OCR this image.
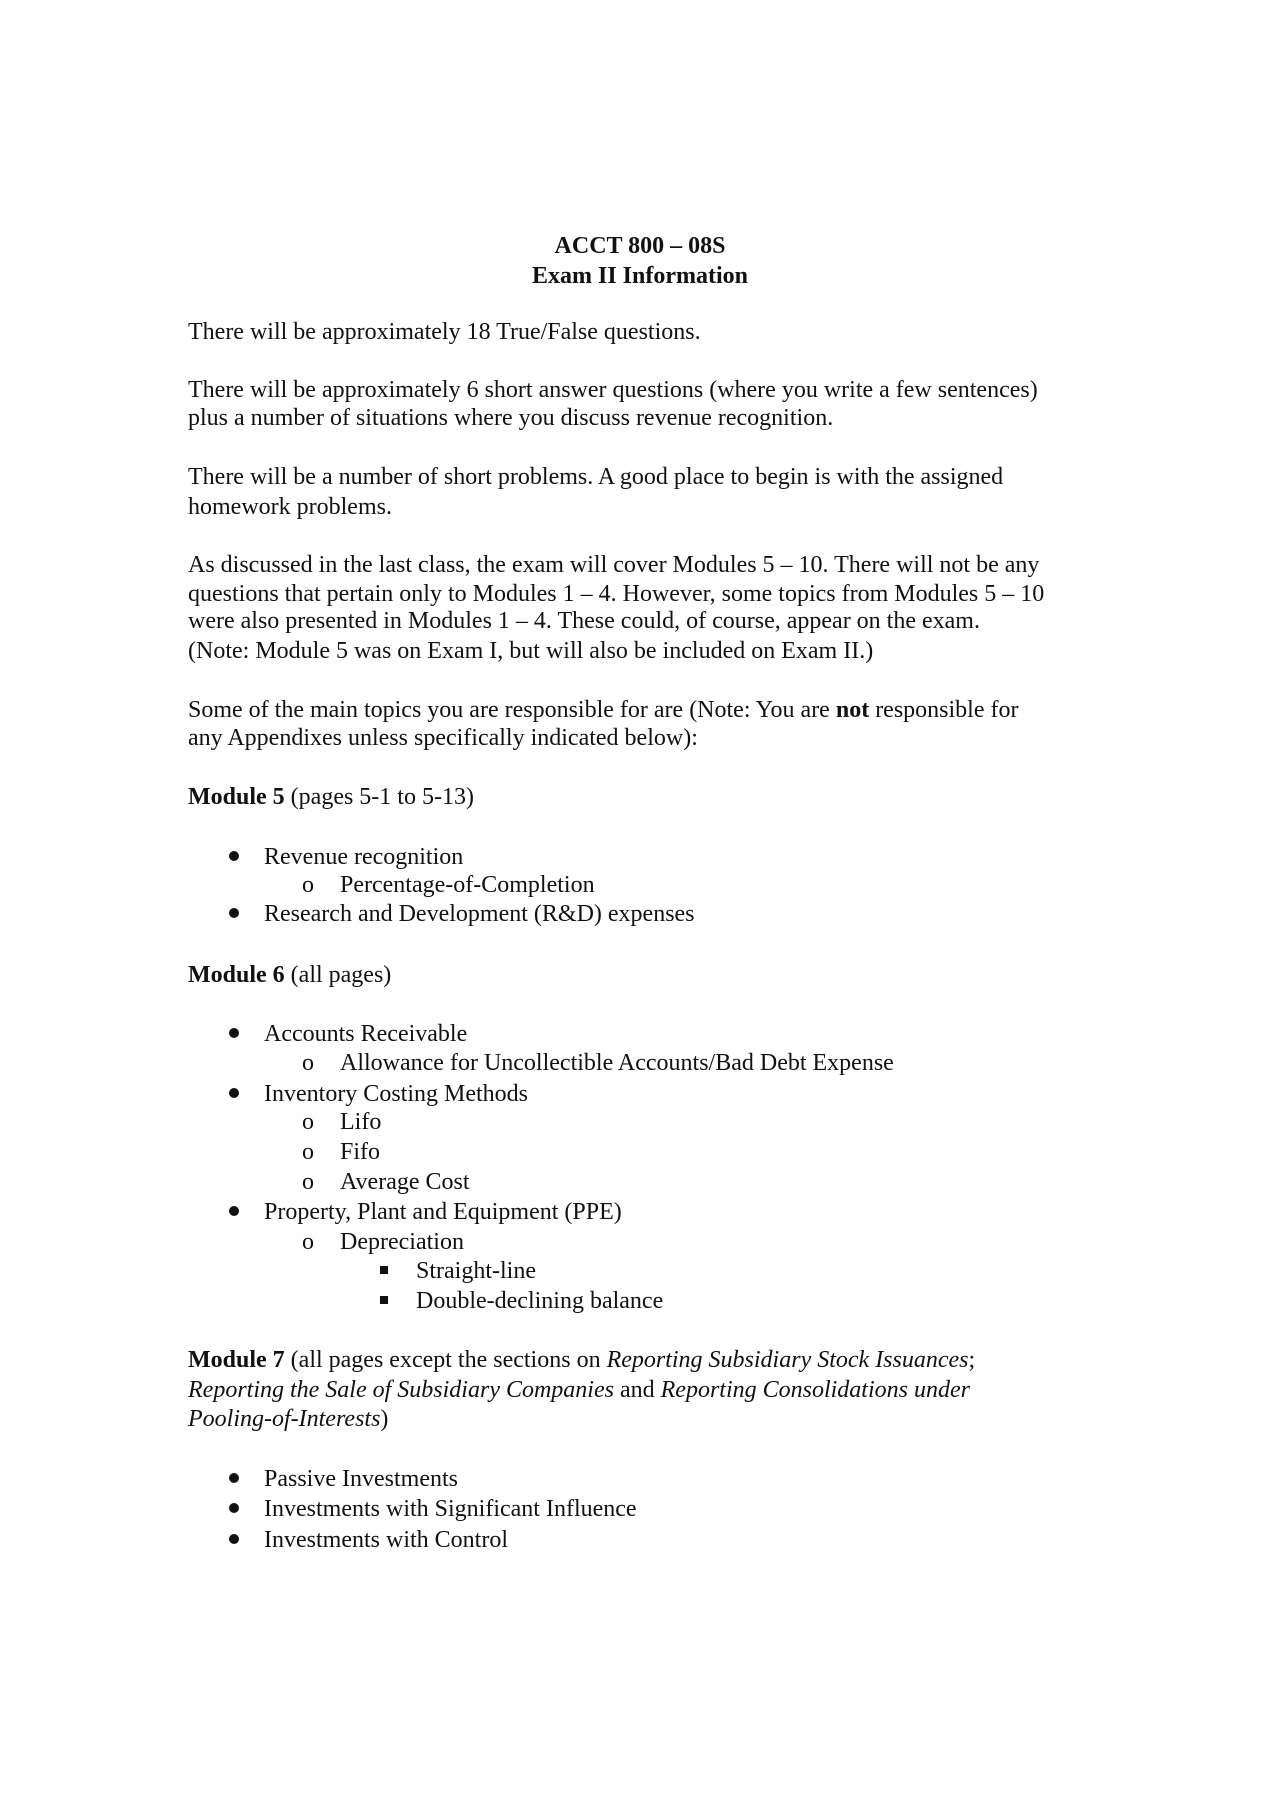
ACCT 800 – 08S
Exam II Information
There will be approximately 18 True/False questions.
There will be approximately 6 short answer questions (where you write a few sentences)
plus a number of situations where you discuss revenue recognition.
There will be a number of short problems. A good place to begin is with the assigned
homework problems.
As discussed in the last class, the exam will cover Modules 5 – 10. There will not be any
questions that pertain only to Modules 1 – 4. However, some topics from Modules 5 – 10
were also presented in Modules 1 – 4. These could, of course, appear on the exam.
(Note: Module 5 was on Exam I, but will also be included on Exam II.)
Some of the main topics you are responsible for are (Note: You are not responsible for
any Appendixes unless specifically indicated below):
Module 5 (pages 5-1 to 5-13)
Revenue recognition
o Percentage-of-Completion
Research and Development (R&D) expenses
Module 6 (all pages)
Accounts Receivable
o Allowance for Uncollectible Accounts/Bad Debt Expense
Inventory Costing Methods
o Lifo
o Fifo
o Average Cost
Property, Plant and Equipment (PPE)
o Depreciation
Straight-line
Double-declining balance
Module 7 (all pages except the sections on Reporting Subsidiary Stock Issuances;
Reporting the Sale of Subsidiary Companies and Reporting Consolidations under
Pooling-of-Interests)
Passive Investments
Investments with Significant Influence
Investments with Control
